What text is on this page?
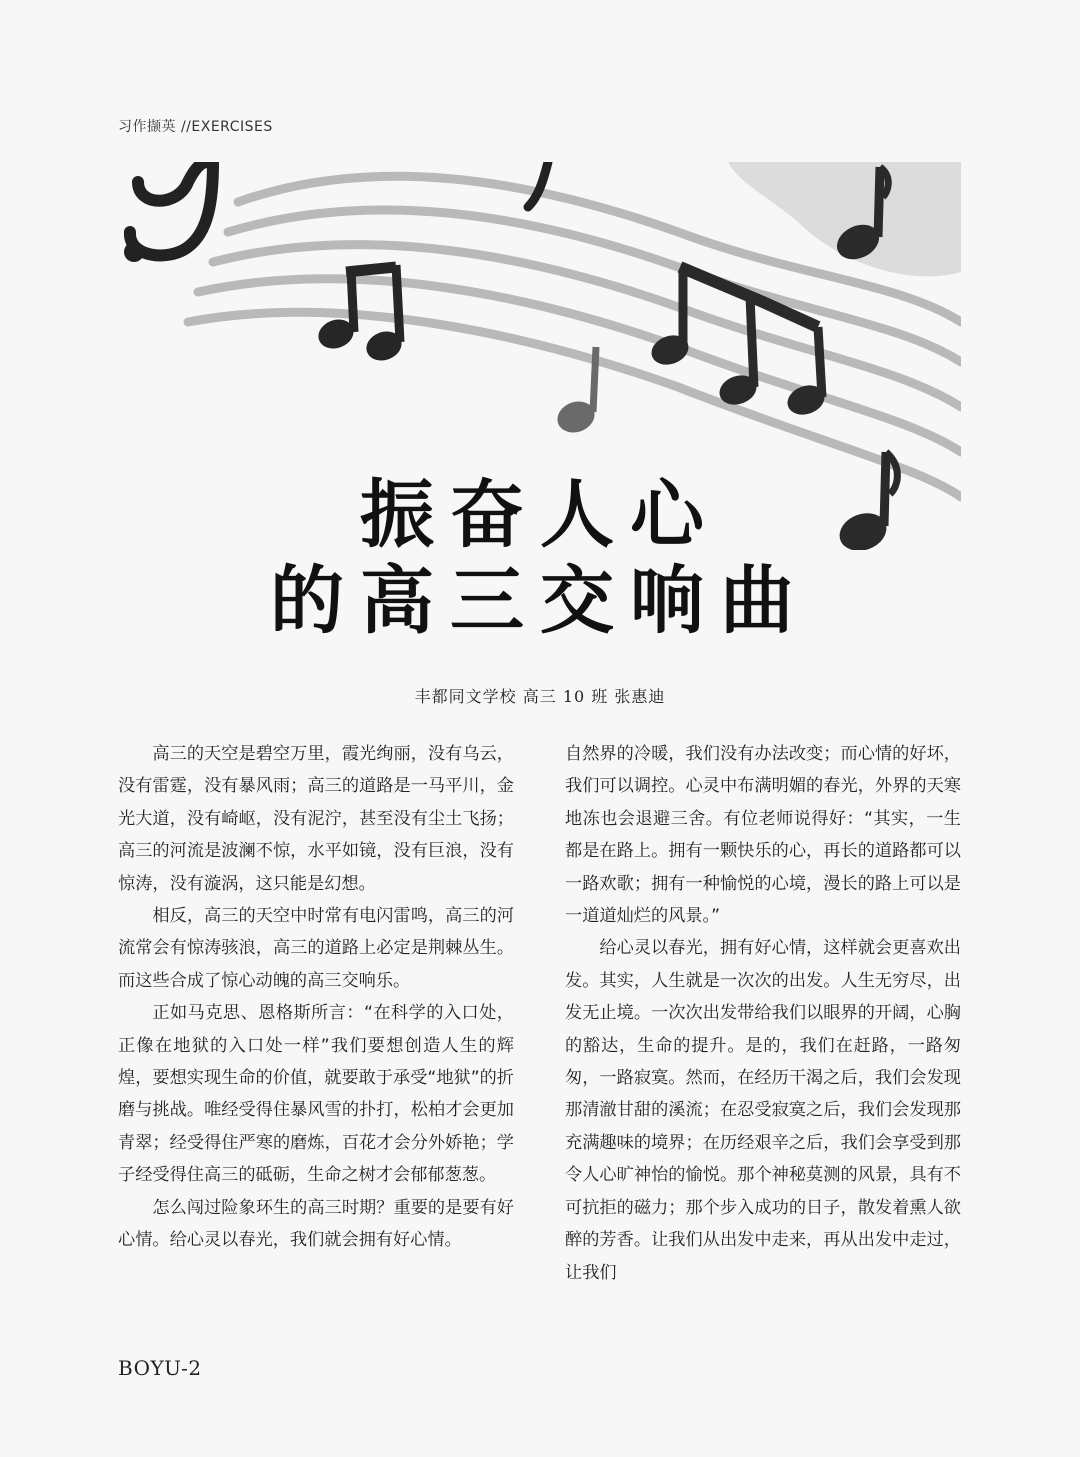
习作撷英 //EXERCISES
振奋人心
的高三交响曲
丰都同文学校 高三 10 班 张惠迪

高三的天空是碧空万里，霞光绚丽，没有乌云，没有雷霆，没有暴风雨；高三的道路是一马平川，金光大道，没有崎岖，没有泥泞，甚至没有尘土飞扬；高三的河流是波澜不惊，水平如镜，没有巨浪，没有惊涛，没有漩涡，这只能是幻想。

相反，高三的天空中时常有电闪雷鸣，高三的河流常会有惊涛骇浪，高三的道路上必定是荆棘丛生。而这些合成了惊心动魄的高三交响乐。

正如马克思、恩格斯所言：“在科学的入口处，正像在地狱的入口处一样”我们要想创造人生的辉煌，要想实现生命的价值，就要敢于承受“地狱”的折磨与挑战。唯经受得住暴风雪的扑打，松柏才会更加青翠；经受得住严寒的磨炼，百花才会分外娇艳；学子经受得住高三的砥砺，生命之树才会郁郁葱葱。

怎么闯过险象环生的高三时期？重要的是要有好心情。给心灵以春光，我们就会拥有好心情。

自然界的冷暖，我们没有办法改变；而心情的好坏，我们可以调控。心灵中布满明媚的春光，外界的天寒地冻也会退避三舍。有位老师说得好：“其实，一生都是在路上。拥有一颗快乐的心，再长的道路都可以一路欢歌；拥有一种愉悦的心境，漫长的路上可以是一道道灿烂的风景。”

给心灵以春光，拥有好心情，这样就会更喜欢出发。其实，人生就是一次次的出发。人生无穷尽，出发无止境。一次次出发带给我们以眼界的开阔，心胸的豁达，生命的提升。是的，我们在赶路，一路匆匆，一路寂寞。然而，在经历干渴之后，我们会发现那清澈甘甜的溪流；在忍受寂寞之后，我们会发现那充满趣味的境界；在历经艰辛之后，我们会享受到那令人心旷神怡的愉悦。那个神秘莫测的风景，具有不可抗拒的磁力；那个步入成功的日子，散发着熏人欲醉的芳香。让我们从出发中走来，再从出发中走过，让我们

BOYU-2
